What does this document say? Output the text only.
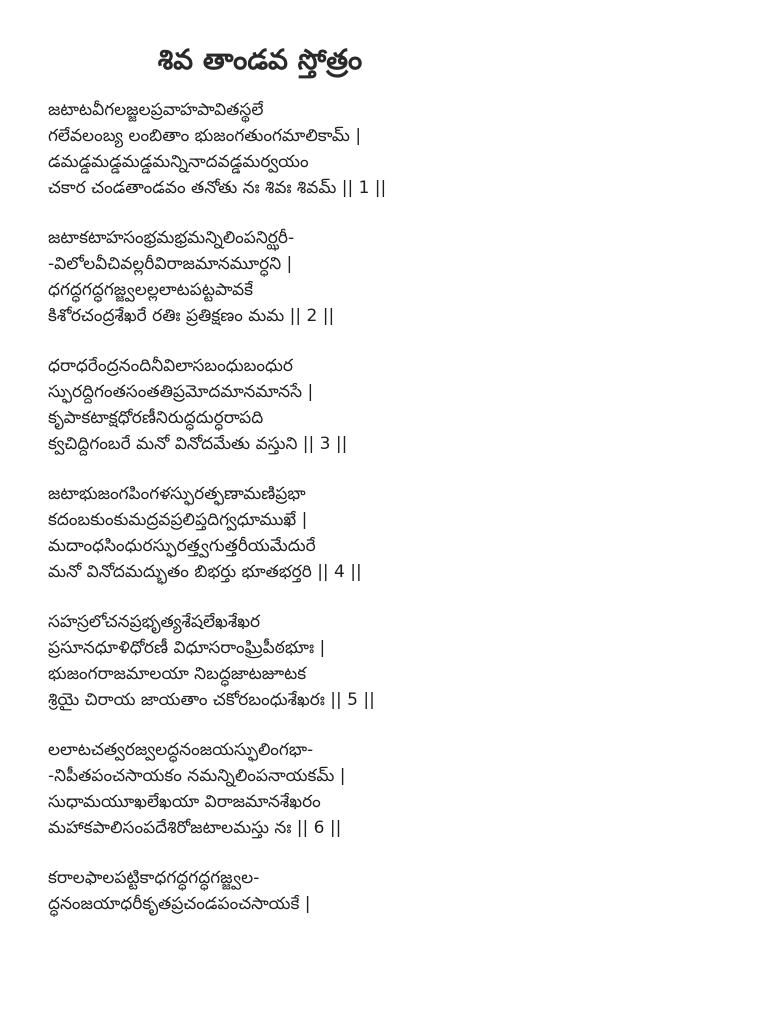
శివ తాండవ స్తోత్రం
జటాటవీగలజ్జలప్రవాహపావితస్థలే
గలేవలంబ్య లంబితాం భుజంగతుంగమాలికామ్ |
డమడ్డమడ్డమడ్డమన్నినాదవడ్డమర్వయం
చకార చండతాండవం తనోతు నః శివః శివమ్ || 1 ||
జటాకటాహసంభ్రమభ్రమన్నిలింపనిర్ఝరీ-
-విలోలవీచివల్లరీవిరాజమానమూర్ధని |
ధగద్ధగద్ధగజ్జ్వలల్లలాటపట్టపావకే
కిశోరచంద్రశేఖరే రతిః ప్రతిక్షణం మమ || 2 ||
ధరాధరేంద్రనందినీవిలాసబంధుబంధుర
స్ఫురద్దిగంతసంతతిప్రమోదమానమానసే |
కృపాకటాక్షధోరణీనిరుద్ధదుర్ధరాపది
క్వచిద్దిగంబరే మనో వినోదమేతు వస్తుని || 3 ||
జటాభుజంగపింగళస్ఫురత్ఫణామణిప్రభా
కదంబకుంకుమద్రవప్రలిప్తదిగ్వధూముఖే |
మదాంధసింధురస్ఫురత్త్వగుత్తరీయమేదురే
మనో వినోదమద్భుతం బిభర్తు భూతభర్తరి || 4 ||
సహస్రలోచనప్రభృత్యశేషలేఖశేఖర
ప్రసూనధూళిధోరణీ విధూసరాంఘ్రిపీఠభూః |
భుజంగరాజమాలయా నిబద్ధజాటజూటక
శ్రియై చిరాయ జాయతాం చకోరబంధుశేఖరః || 5 ||
లలాటచత్వరజ్వలద్ధనంజయస్ఫులింగభా-
-నిపీతపంచసాయకం నమన్నిలింపనాయకమ్ |
సుధామయూఖలేఖయా విరాజమానశేఖరం
మహాకపాలిసంపదేశిరోజటాలమస్తు నః || 6 ||
కరాలఫాలపట్టికాధగద్ధగద్ధగజ్జ్వల-
ద్ధనంజయాధరీకృతప్రచండపంచసాయకే |
